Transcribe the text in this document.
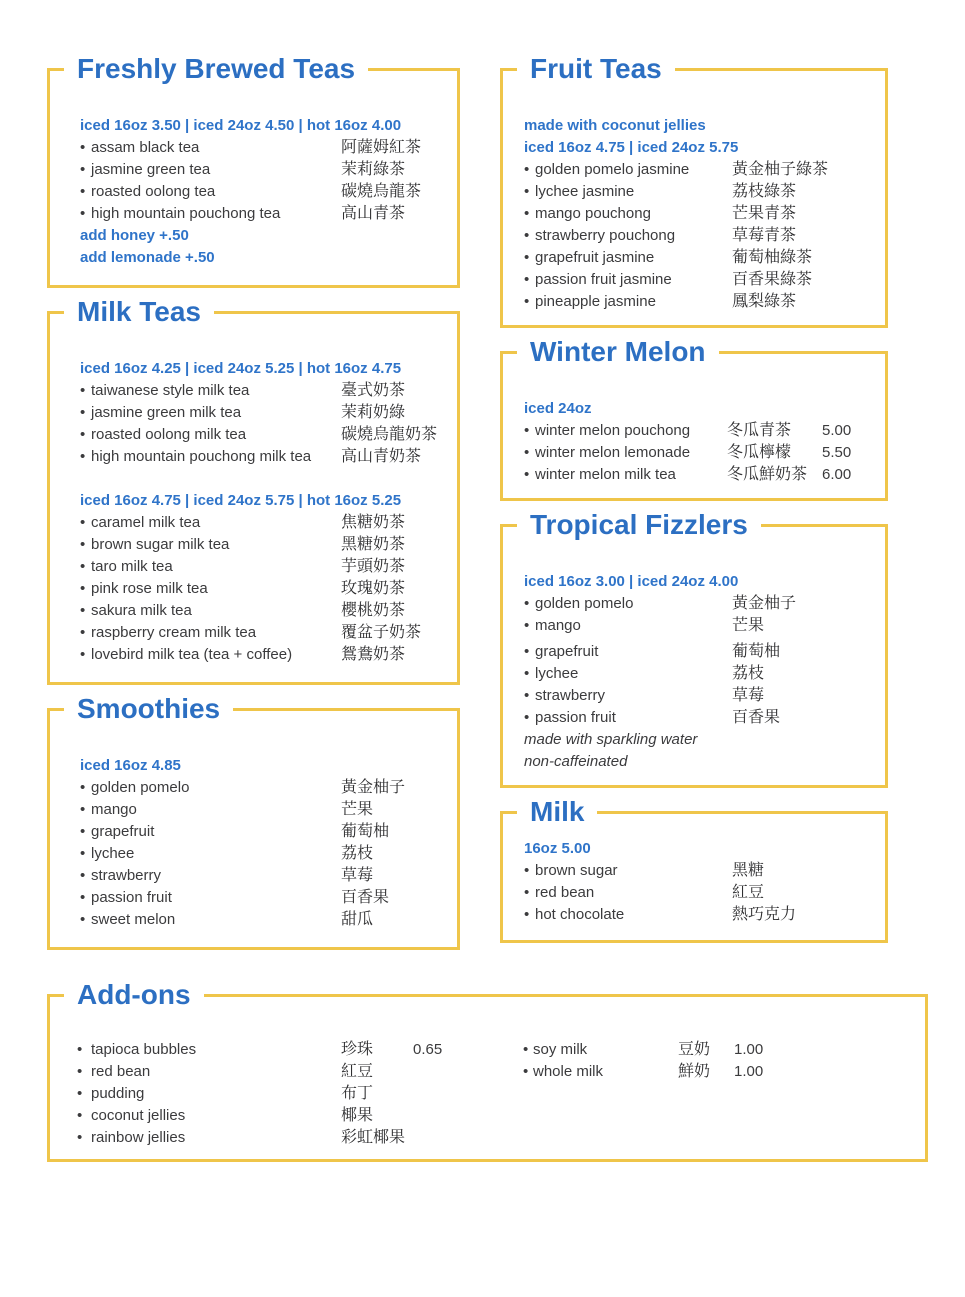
Freshly Brewed Teas

iced 16oz 3.50 | iced 24oz 4.50 | hot 16oz 4.00

• assam black tea	阿薩姆紅茶
• jasmine green tea	茉莉綠茶
• roasted oolong tea	碳燒烏龍茶
• high mountain pouchong tea	高山青茶

add honey +.50

add lemonade +.50

Milk Teas

iced 16oz 4.25 | iced 24oz 5.25 | hot 16oz 4.75

• taiwanese style milk tea	臺式奶茶
• jasmine green milk tea	茉莉奶綠
• roasted oolong milk tea	碳燒烏龍奶茶
• high mountain pouchong milk tea	高山青奶茶

iced 16oz 4.75 | iced 24oz 5.75 | hot 16oz 5.25

• caramel milk tea	焦糖奶茶
• brown sugar milk tea	黑糖奶茶
• taro milk tea	芋頭奶茶
• pink rose milk tea	玫瑰奶茶
• sakura milk tea	櫻桃奶茶
• raspberry cream milk tea	覆盆子奶茶
• lovebird milk tea (tea + coffee)	鴛鴦奶茶
Smoothies

iced 16oz 4.85

• golden pomelo	黃金柚子
• mango	芒果
• grapefruit	葡萄柚
• lychee	荔枝
• strawberry	草莓
• passion fruit	百香果
• sweet melon	甜瓜
Fruit Teas

made with coconut jellies

iced 16oz 4.75 | iced 24oz 5.75

• golden pomelo jasmine	黃金柚子綠茶
• lychee jasmine	荔枝綠茶
• mango pouchong	芒果青茶
• strawberry pouchong	草莓青茶
• grapefruit jasmine	葡萄柚綠茶
• passion fruit jasmine	百香果綠茶
• pineapple jasmine	鳳梨綠茶
Winter Melon

iced 24oz

• winter melon pouchong	冬瓜青茶	5.00
• winter melon lemonade	冬瓜檸檬	5.50
• winter melon milk tea	冬瓜鮮奶茶 6.00
Tropical Fizzlers

iced 16oz 3.00 | iced 24oz 4.00

• golden pomelo	黃金柚子
• mango	芒果
• grapefruit	葡萄柚
• lychee	荔枝
• strawberry	草莓
• passion fruit	百香果

made with sparkling water

non-caffeinated

Milk

16oz 5.00

• brown sugar	黑糖
• red bean	紅豆
• hot chocolate	熱巧克力
Add-ons
• tapioca bubbles	珍珠	0.65
• red bean	紅豆
• pudding	布丁
• coconut jellies	椰果
• rainbow jellies	彩虹椰果
• soy milk	豆奶	1.00
• whole milk	鮮奶	1.00
